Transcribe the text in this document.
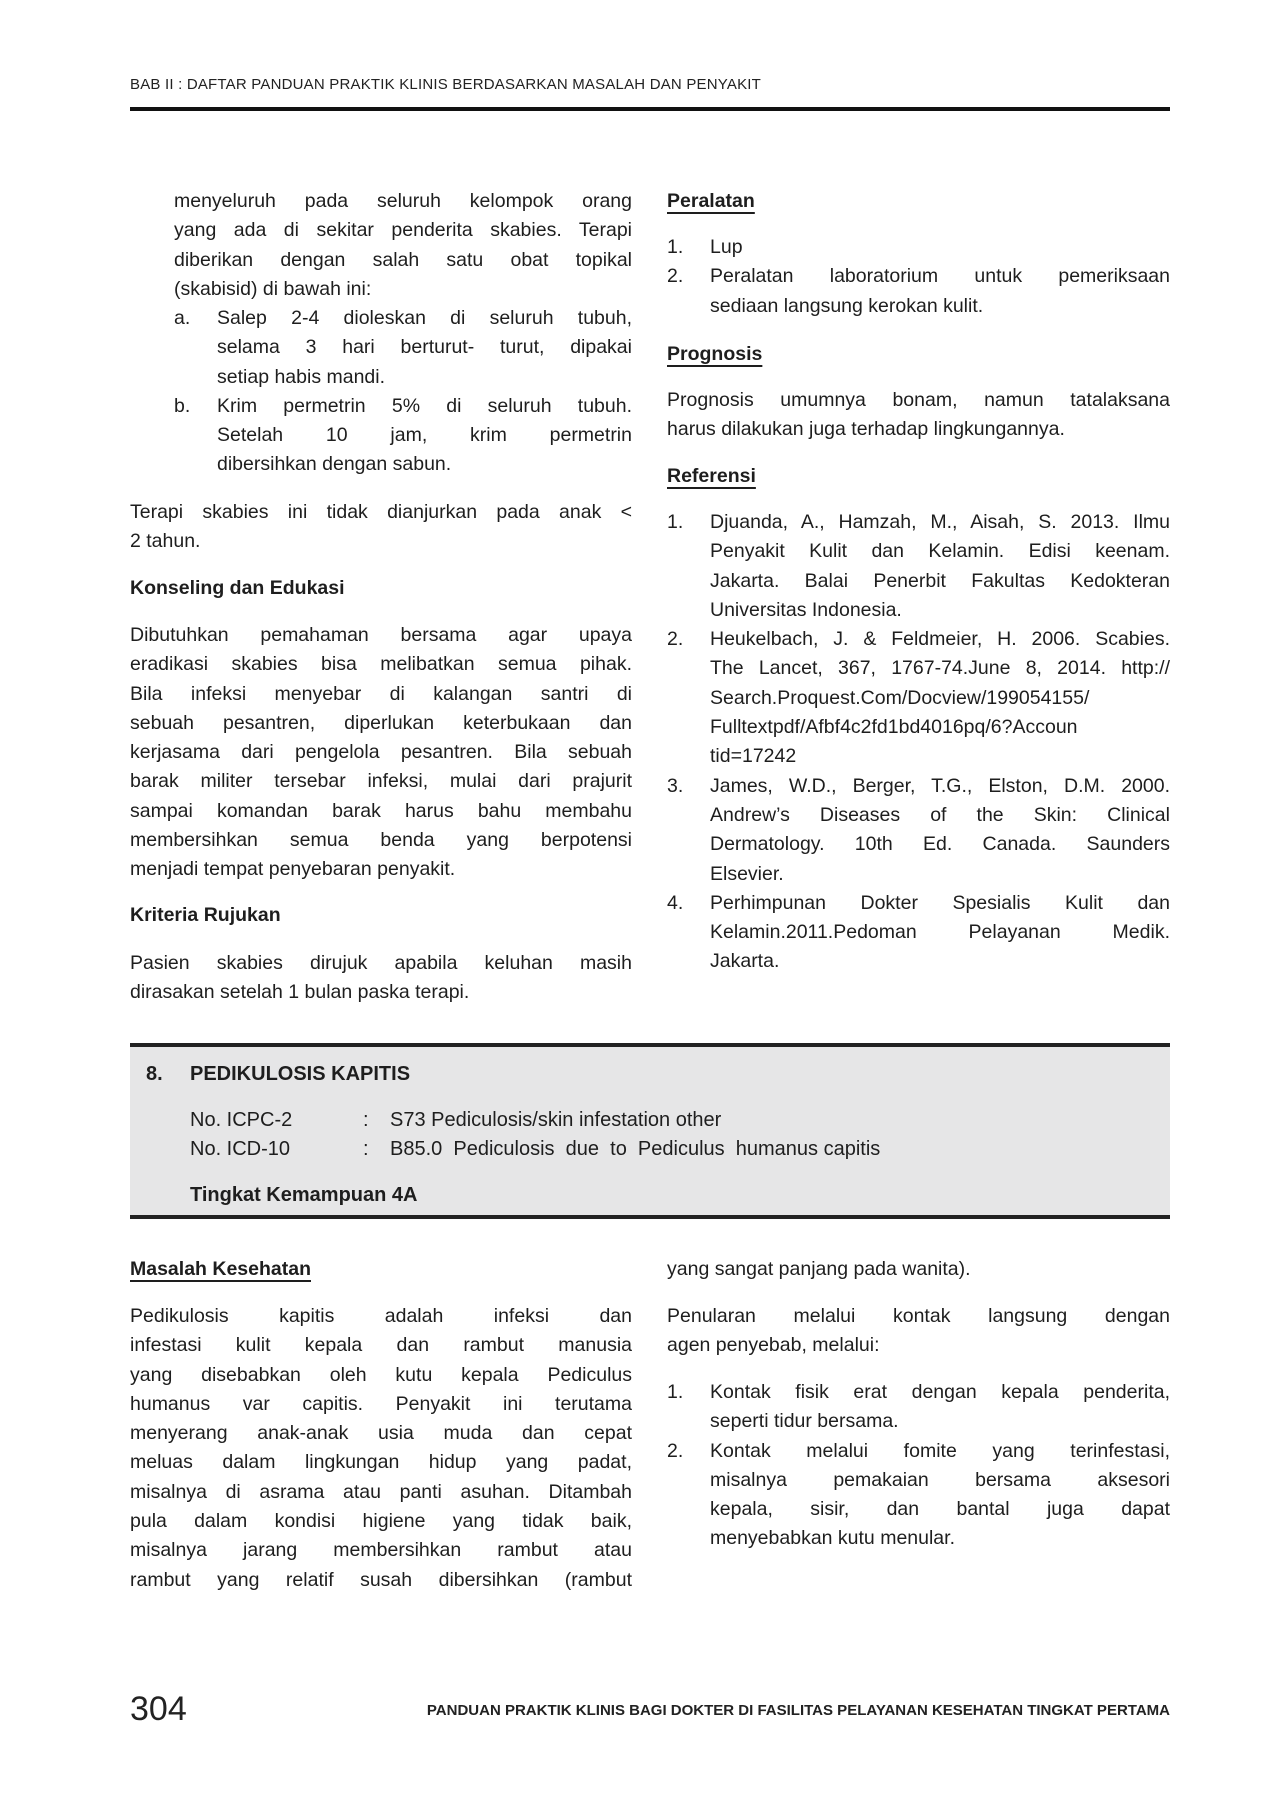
BAB II : DAFTAR PANDUAN PRAKTIK KLINIS BERDASARKAN MASALAH DAN PENYAKIT
menyeluruh pada seluruh kelompok orang
yang ada di sekitar penderita skabies. Terapi
diberikan dengan salah satu obat topikal
(skabisid) di bawah ini:
a. Salep 2-4 dioleskan di seluruh tubuh,
selama 3 hari berturut- turut, dipakai
setiap habis mandi.
b. Krim permetrin 5% di seluruh tubuh.
Setelah 10 jam, krim permetrin
dibersihkan dengan sabun.
Terapi skabies ini tidak dianjurkan pada anak <
2 tahun.
Konseling dan Edukasi
Dibutuhkan pemahaman bersama agar upaya
eradikasi skabies bisa melibatkan semua pihak.
Bila infeksi menyebar di kalangan santri di
sebuah pesantren, diperlukan keterbukaan dan
kerjasama dari pengelola pesantren. Bila sebuah
barak militer tersebar infeksi, mulai dari prajurit
sampai komandan barak harus bahu membahu
membersihkan semua benda yang berpotensi
menjadi tempat penyebaran penyakit.
Kriteria Rujukan
Pasien skabies dirujuk apabila keluhan masih
dirasakan setelah 1 bulan paska terapi.
Peralatan
1. Lup
2. Peralatan laboratorium untuk pemeriksaan
sediaan langsung kerokan kulit.
Prognosis
Prognosis umumnya bonam, namun tatalaksana
harus dilakukan juga terhadap lingkungannya.
Referensi
1. Djuanda, A., Hamzah, M., Aisah, S. 2013. Ilmu
Penyakit Kulit dan Kelamin. Edisi keenam.
Jakarta. Balai Penerbit Fakultas Kedokteran
Universitas Indonesia.
2. Heukelbach, J. & Feldmeier, H. 2006. Scabies.
The Lancet, 367, 1767-74.June 8, 2014. http://
Search.Proquest.Com/Docview/199054155/
Fulltextpdf/Afbf4c2fd1bd4016pq/6?Accoun
tid=17242
3. James, W.D., Berger, T.G., Elston, D.M. 2000.
Andrew’s Diseases of the Skin: Clinical
Dermatology. 10th Ed. Canada. Saunders
Elsevier.
4. Perhimpunan Dokter Spesialis Kulit dan
Kelamin.2011.Pedoman Pelayanan Medik.
Jakarta.
8. PEDIKULOSIS KAPITIS
No. ICPC-2	: S73 Pediculosis/skin infestation other
No. ICD-10	: B85.0  Pediculosis  due  to  Pediculus  humanus capitis
Tingkat Kemampuan 4A
Masalah Kesehatan
Pedikulosis kapitis adalah infeksi dan
infestasi kulit kepala dan rambut manusia
yang disebabkan oleh kutu kepala Pediculus
humanus var capitis. Penyakit ini terutama
menyerang anak-anak usia muda dan cepat
meluas dalam lingkungan hidup yang padat,
misalnya di asrama atau panti asuhan. Ditambah
pula dalam kondisi higiene yang tidak baik,
misalnya jarang membersihkan rambut atau
rambut yang relatif susah dibersihkan (rambut
yang sangat panjang pada wanita).
Penularan melalui kontak langsung dengan
agen penyebab, melalui:
1. Kontak fisik erat dengan kepala penderita,
seperti tidur bersama.
2. Kontak melalui fomite yang terinfestasi,
misalnya pemakaian bersama aksesori
kepala, sisir, dan bantal juga dapat
menyebabkan kutu menular.
304	PANDUAN PRAKTIK KLINIS BAGI DOKTER DI FASILITAS PELAYANAN KESEHATAN TINGKAT PERTAMA
